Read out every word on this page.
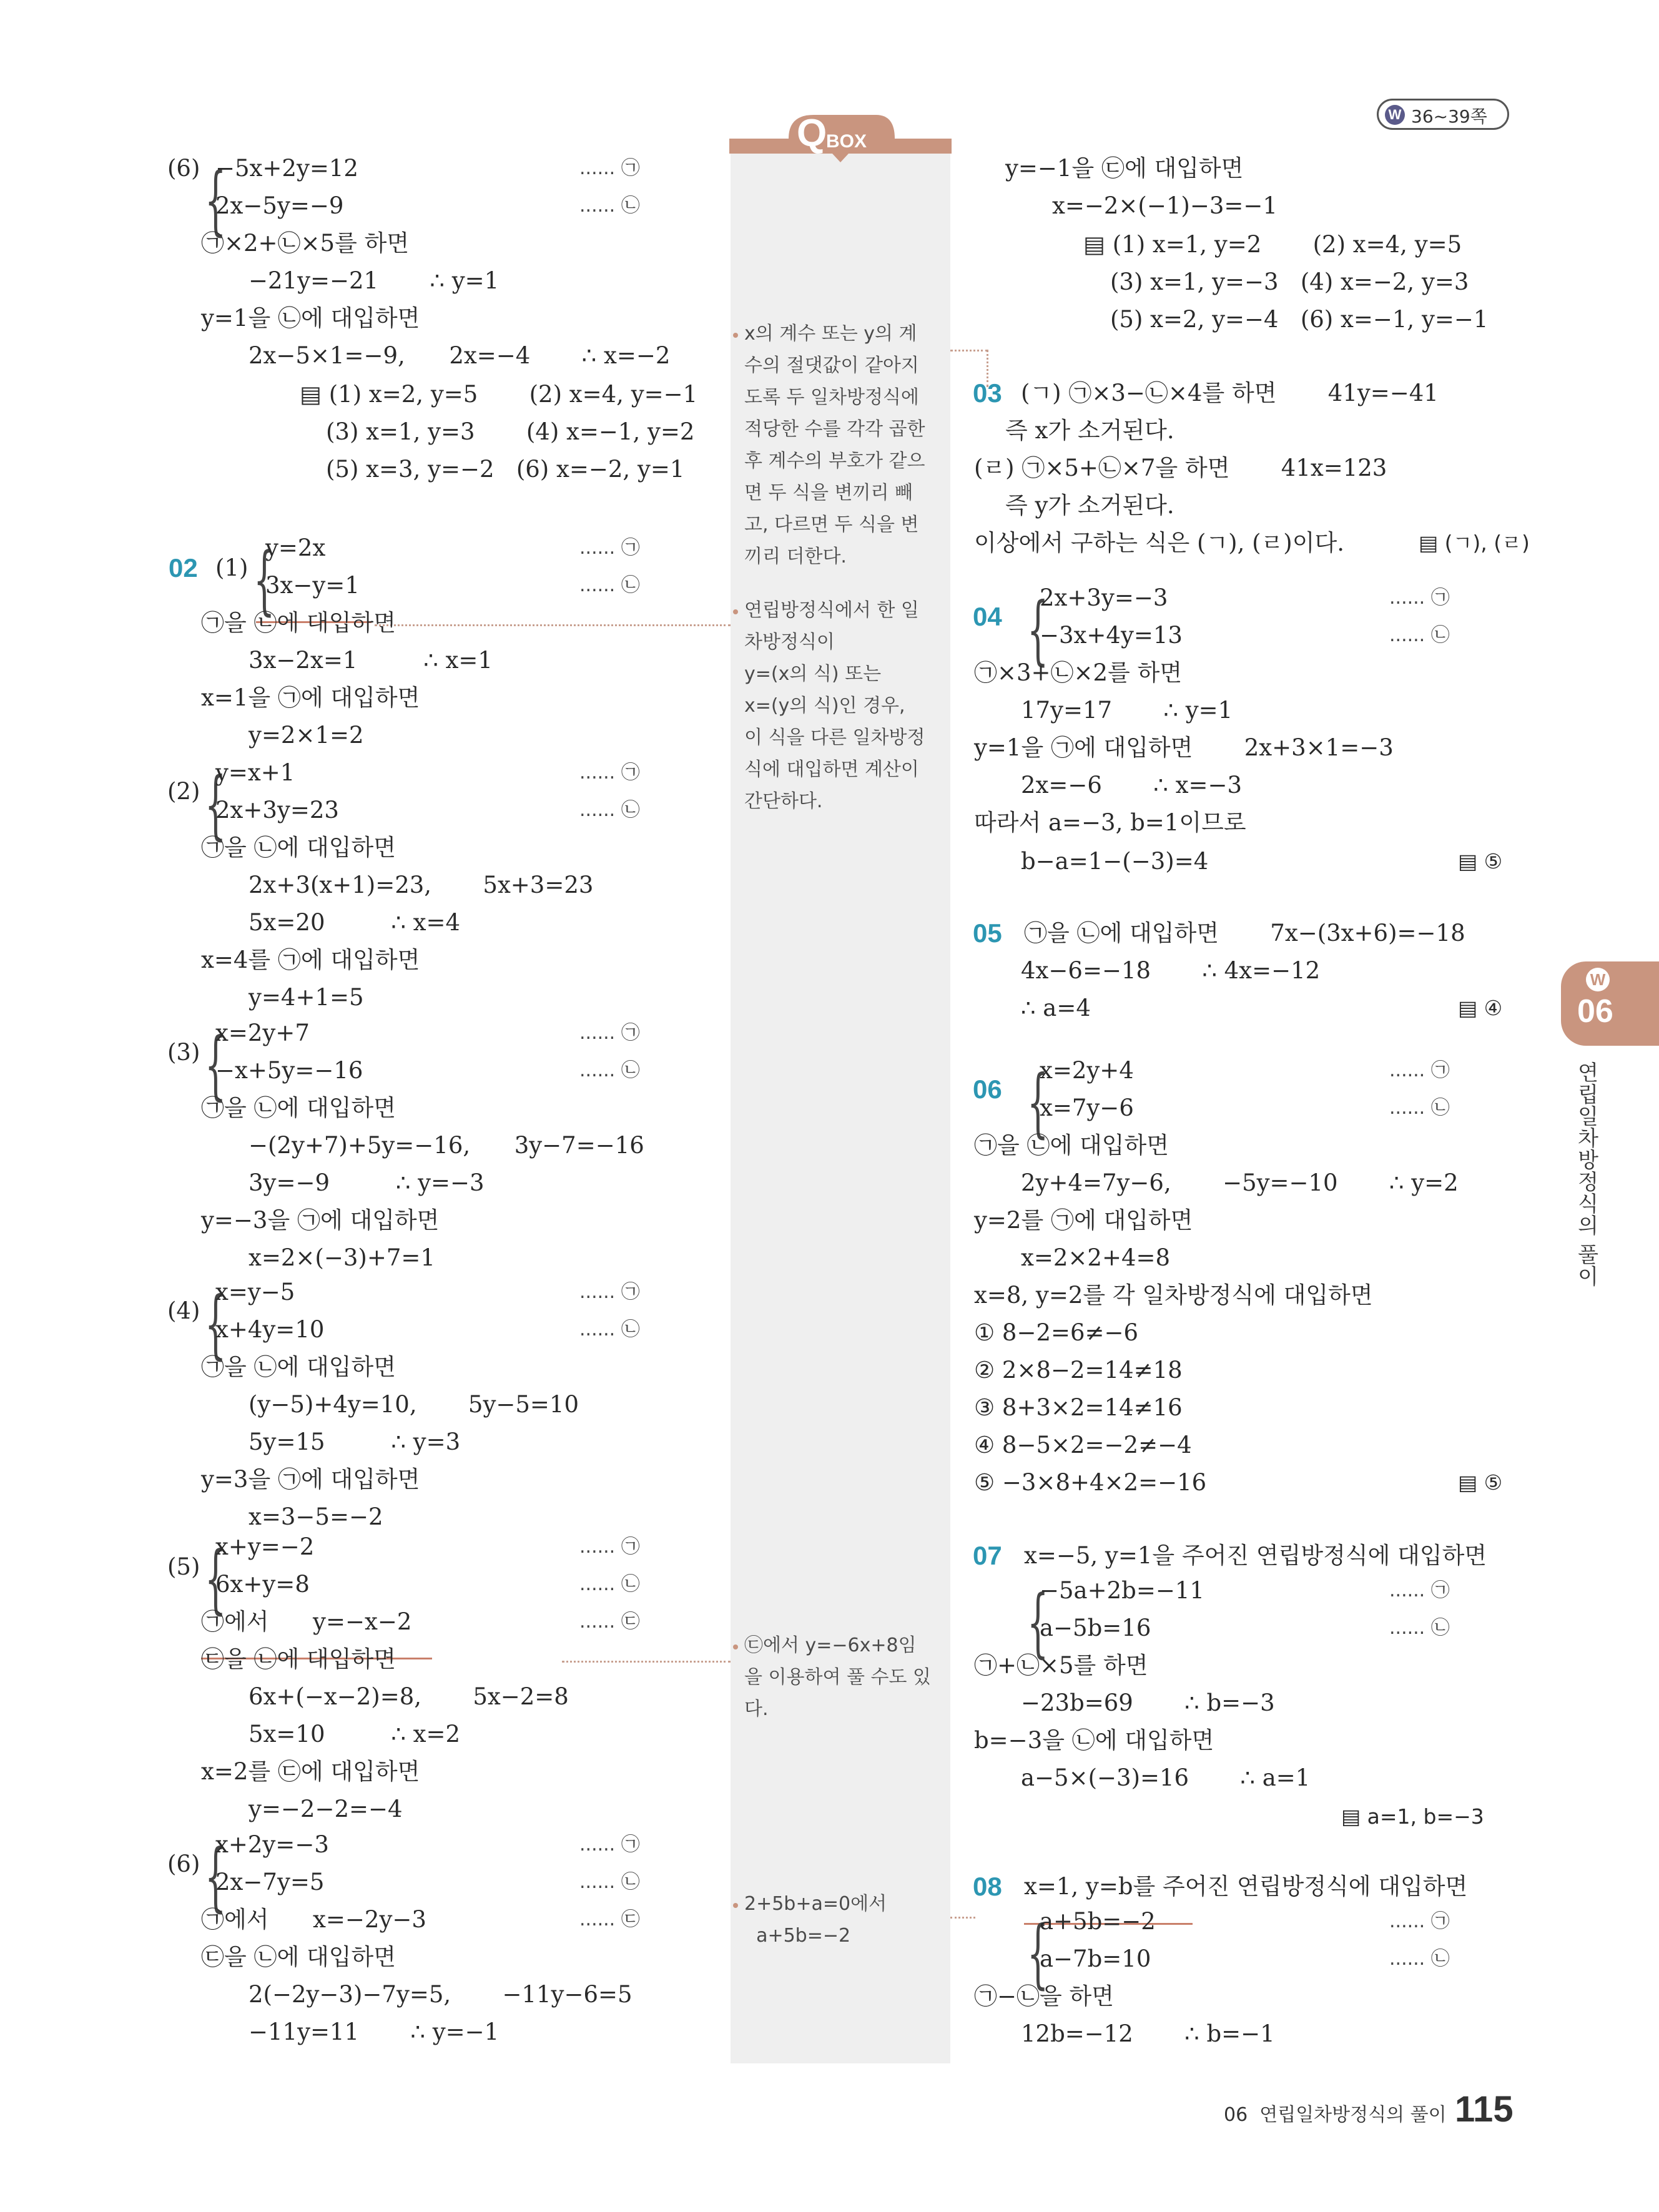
W 36~39쪽
Q
BOX
x의 계수 또는 y의 계
수의 절댓값이 같아지
도록 두 일차방정식에
적당한 수를 각각 곱한
후 계수의 부호가 같으
면 두 식을 변끼리 빼
고, 다르면 두 식을 변
끼리 더한다.
연립방정식에서 한 일
차방정식이
y=(x의 식) 또는
x=(y의 식)인 경우,
이 식을 다른 일차방정
식에 대입하면 계산이
간단하다.
㉢에서 y=−6x+8임
을 이용하여 풀 수도 있
다.
2+5b+a=0에서
a+5b=−2
{
{
{
{
{
{
{
{
{
{
{
(6) −5x+2y=12	...... ㉠
2x−5y=−9	...... ㉡
㉠×2+㉡×5를 하면
−21y=−21       ∴ y=1
y=1을 ㉡에 대입하면
2x−5×1=−9,      2x=−4       ∴ x=−2
▤ (1) x=2, y=5       (2) x=4, y=−1
(3) x=1, y=3       (4) x=−1, y=2
(5) x=3, y=−2   (6) x=−2, y=1
(1)
y=2x	...... ㉠
3x−y=1	...... ㉡
㉠을 ㉡에 대입하면
3x−2x=1         ∴ x=1
x=1을 ㉠에 대입하면
y=2×1=2
(2)
y=x+1	...... ㉠
2x+3y=23	...... ㉡
㉠을 ㉡에 대입하면
2x+3(x+1)=23,       5x+3=23
5x=20         ∴ x=4
x=4를 ㉠에 대입하면
y=4+1=5
(3)
x=2y+7	...... ㉠
−x+5y=−16	...... ㉡
㉠을 ㉡에 대입하면
−(2y+7)+5y=−16,      3y−7=−16
3y=−9         ∴ y=−3
y=−3을 ㉠에 대입하면
x=2×(−3)+7=1
(4)
x=y−5	...... ㉠
x+4y=10	...... ㉡
㉠을 ㉡에 대입하면
(y−5)+4y=10,       5y−5=10
5y=15         ∴ y=3
y=3을 ㉠에 대입하면
x=3−5=−2
(5)
x+y=−2	...... ㉠
6x+y=8	...... ㉡
㉠에서      y=−x−2	...... ㉢
㉢을 ㉡에 대입하면
6x+(−x−2)=8,       5x−2=8
5x=10         ∴ x=2
x=2를 ㉢에 대입하면
y=−2−2=−4
(6)
x+2y=−3	...... ㉠
2x−7y=5	...... ㉡
㉠에서      x=−2y−3	...... ㉢
㉢을 ㉡에 대입하면
2(−2y−3)−7y=5,       −11y−6=5
−11y=11       ∴ y=−1
y=−1을 ㉢에 대입하면
x=−2×(−1)−3=−1
▤ (1) x=1, y=2       (2) x=4, y=5
(3) x=1, y=−3   (4) x=−2, y=3
(5) x=2, y=−4   (6) x=−1, y=−1
(ㄱ) ㉠×3−㉡×4를 하면       41y=−41
즉 x가 소거된다.
(ㄹ) ㉠×5+㉡×7을 하면       41x=123
즉 y가 소거된다.
이상에서 구하는 식은 (ㄱ), (ㄹ)이다.	▤ (ㄱ), (ㄹ)
2x+3y=−3	...... ㉠
−3x+4y=13	...... ㉡
㉠×3+㉡×2를 하면
17y=17       ∴ y=1
y=1을 ㉠에 대입하면       2x+3×1=−3
2x=−6       ∴ x=−3
따라서 a=−3, b=1이므로
b−a=1−(−3)=4	▤ ⑤
㉠을 ㉡에 대입하면       7x−(3x+6)=−18
4x−6=−18       ∴ 4x=−12
∴ a=4	▤ ④
x=2y+4	...... ㉠
x=7y−6	...... ㉡
㉠을 ㉡에 대입하면
2y+4=7y−6,       −5y=−10       ∴ y=2
y=2를 ㉠에 대입하면
x=2×2+4=8
x=8, y=2를 각 일차방정식에 대입하면
① 8−2=6≠−6
② 2×8−2=14≠18
③ 8+3×2=14≠16
④ 8−5×2=−2≠−4
⑤ −3×8+4×2=−16	▤ ⑤
x=−5, y=1을 주어진 연립방정식에 대입하면
−5a+2b=−11	...... ㉠
a−5b=16	...... ㉡
㉠+㉡×5를 하면
−23b=69       ∴ b=−3
b=−3을 ㉡에 대입하면
a−5×(−3)=16       ∴ a=1
▤ a=1, b=−3
x=1, y=b를 주어진 연립방정식에 대입하면
a+5b=−2	...... ㉠
a−7b=10	...... ㉡
㉠−㉡을 하면
12b=−12       ∴ b=−1
02
03
04
05
06
07
08
W
06
연립일차방정식의 풀이
06  연립일차방정식의 풀이 115
